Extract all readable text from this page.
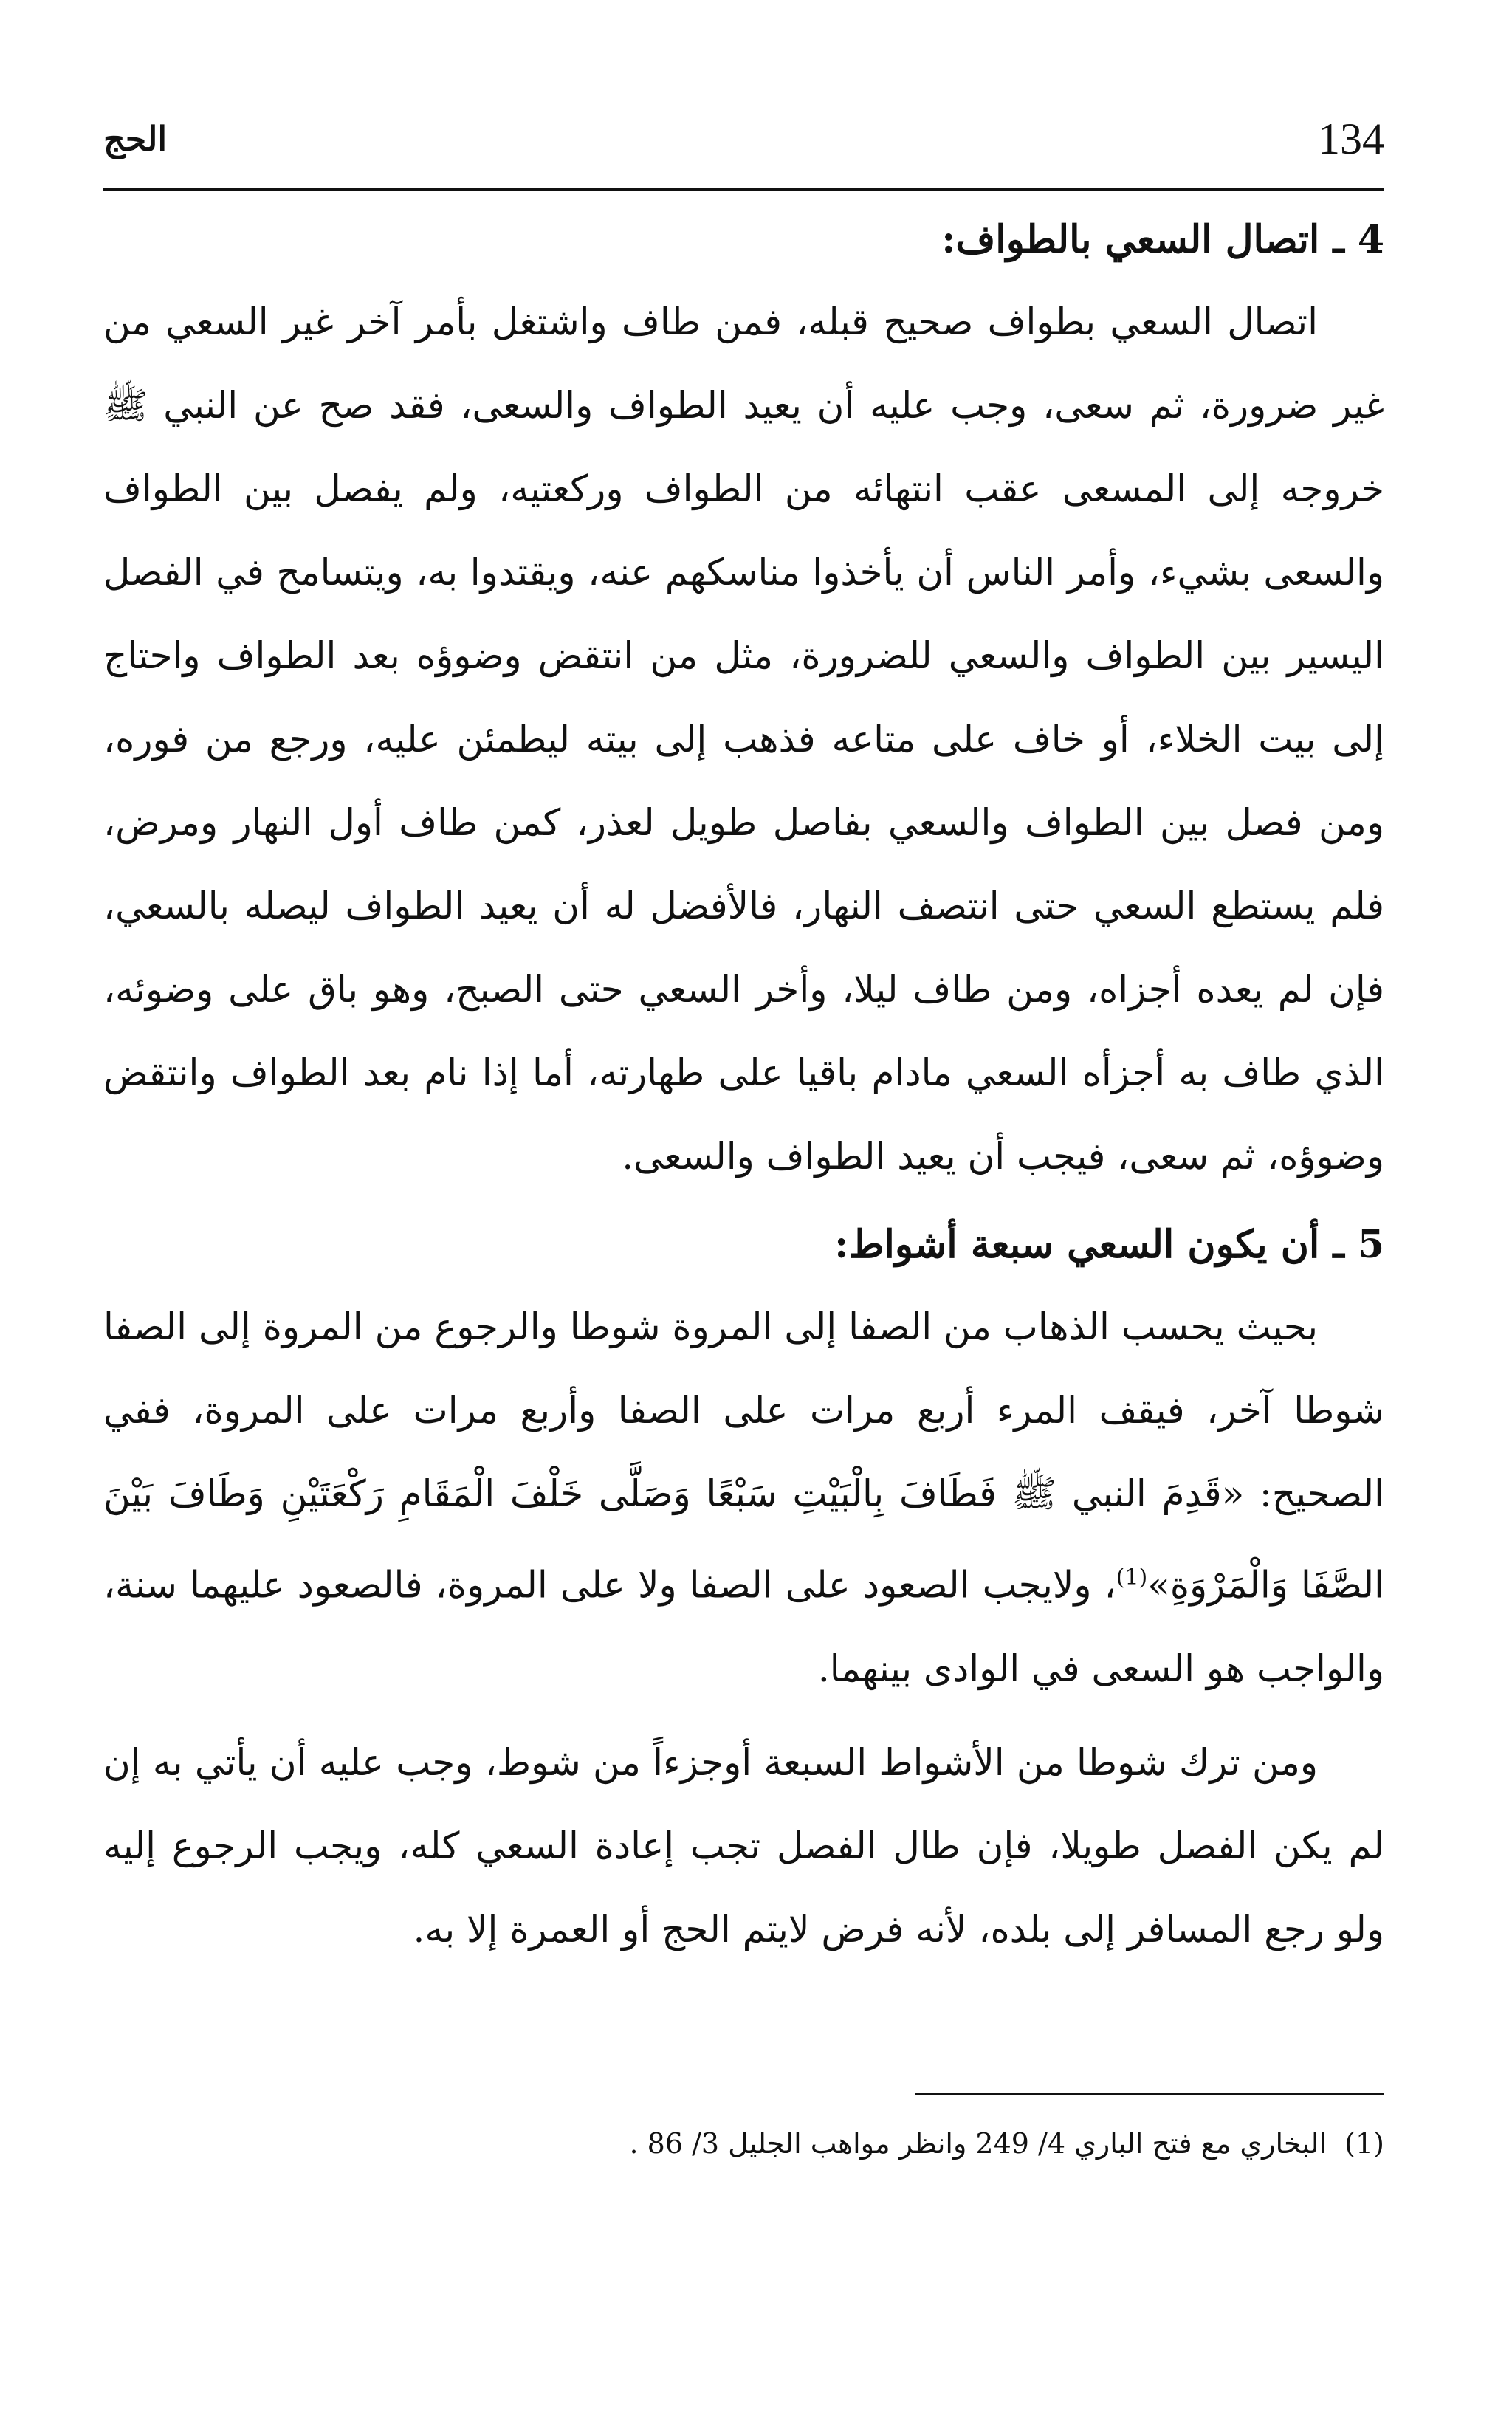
134
الحج
4 ـ اتصال السعي بالطواف:

اتصال السعي بطواف صحيح قبله، فمن طاف واشتغل بأمر آخر غير السعي من غير ضرورة، ثم سعى، وجب عليه أن يعيد الطواف والسعى، فقد صح عن النبي ﷺ خروجه إلى المسعى عقب انتهائه من الطواف وركعتيه، ولم يفصل بين الطواف والسعى بشيء، وأمر الناس أن يأخذوا مناسكهم عنه، ويقتدوا به، ويتسامح في الفصل اليسير بين الطواف والسعي للضرورة، مثل من انتقض وضوؤه بعد الطواف واحتاج إلى بيت الخلاء، أو خاف على متاعه فذهب إلى بيته ليطمئن عليه، ورجع من فوره، ومن فصل بين الطواف والسعي بفاصل طويل لعذر، كمن طاف أول النهار ومرض، فلم يستطع السعي حتى انتصف النهار، فالأفضل له أن يعيد الطواف ليصله بالسعي، فإن لم يعده أجزاه، ومن طاف ليلا، وأخر السعي حتى الصبح، وهو باق على وضوئه، الذي طاف به أجزأه السعي مادام باقيا على طهارته، أما إذا نام بعد الطواف وانتقض وضوؤه، ثم سعى، فيجب أن يعيد الطواف والسعى.

5 ـ أن يكون السعي سبعة أشواط:

بحيث يحسب الذهاب من الصفا إلى المروة شوطا والرجوع من المروة إلى الصفا شوطا آخر، فيقف المرء أربع مرات على الصفا وأربع مرات على المروة، ففي الصحيح: «قَدِمَ النبي ﷺ فَطَافَ بِالْبَيْتِ سَبْعًا وَصَلَّى خَلْفَ الْمَقَامِ رَكْعَتَيْنِ وَطَافَ بَيْنَ الصَّفَا وَالْمَرْوَةِ»$^{(1)}$، ولايجب الصعود على الصفا ولا على المروة، فالصعود عليهما سنة، والواجب هو السعى في الوادى بينهما.

ومن ترك شوطا من الأشواط السبعة أوجزءاً من شوط، وجب عليه أن يأتي به إن لم يكن الفصل طويلا، فإن طال الفصل تجب إعادة السعي كله، ويجب الرجوع إليه ولو رجع المسافر إلى بلده، لأنه فرض لايتم الحج أو العمرة إلا به.

(1)البخاري مع فتح الباري 4/ 249 وانظر مواهب الجليل 3/ 86 .
